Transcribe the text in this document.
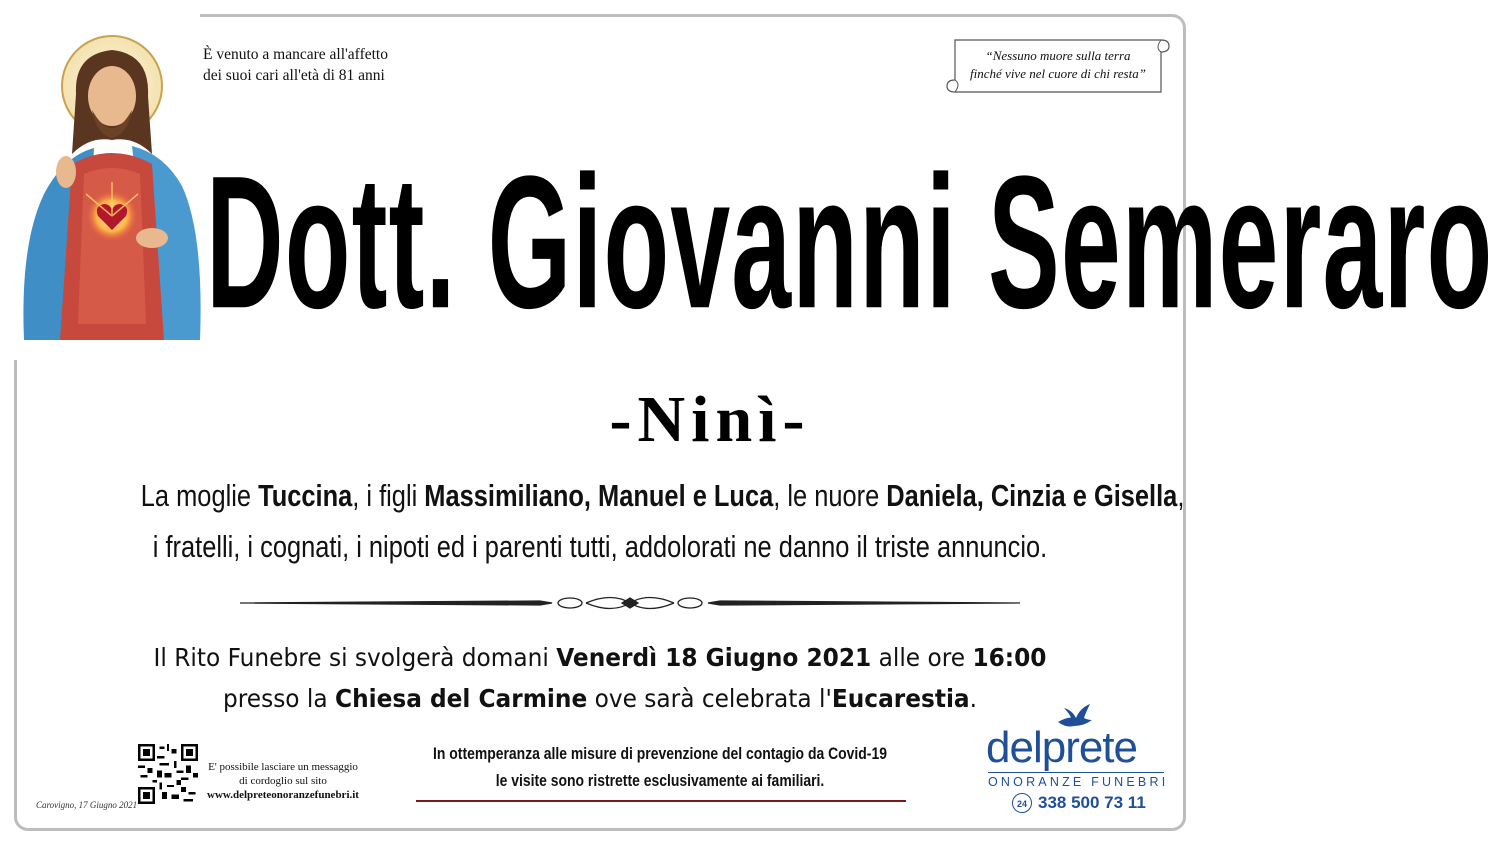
È venuto a mancare all'affetto
dei suoi cari all'età di 81 anni
“Nessuno muore sulla terra
finché vive nel cuore di chi resta”
Dott. Giovanni Semeraro
-Ninì-
La moglie Tuccina, i figli Massimiliano, Manuel e Luca, le nuore Daniela, Cinzia e Gisella,
i fratelli, i cognati, i nipoti ed i parenti tutti, addolorati ne danno il triste annuncio.
Il Rito Funebre si svolgerà domani Venerdì 18 Giugno 2021 alle ore 16:00
presso la Chiesa del Carmine ove sarà celebrata l'Eucarestia.
E' possibile lasciare un messaggio
di cordoglio sul sito
www.delpreteonoranzefunebri.it
In ottemperanza alle misure di prevenzione del contagio da Covid-19
le visite sono ristrette esclusivamente ai familiari.
Carovigno, 17 Giugno 2021
delprete
ONORANZE FUNEBRI
24 338 500 73 11
